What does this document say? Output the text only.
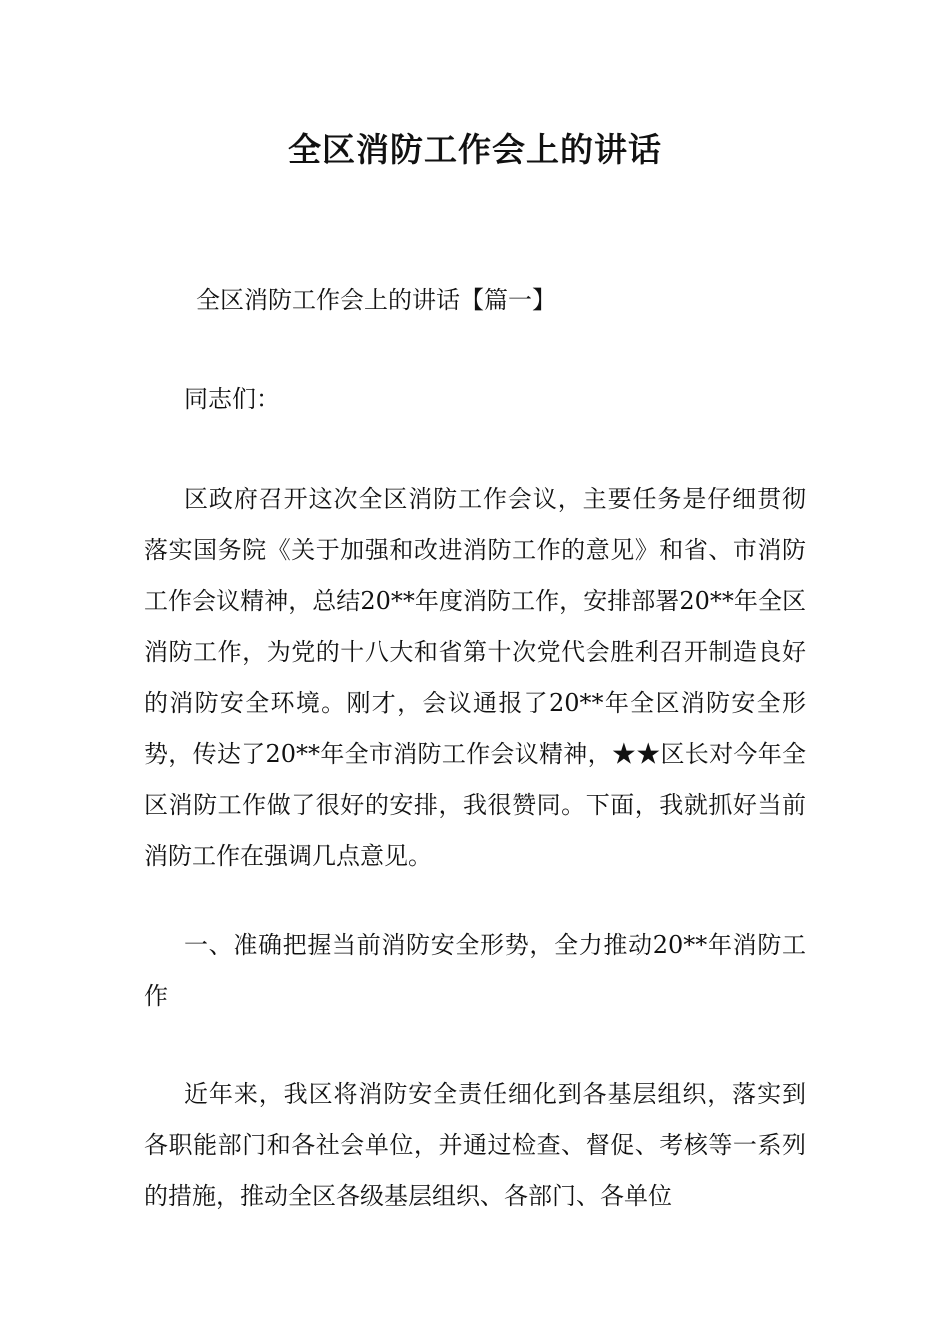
全区消防工作会上的讲话
全区消防工作会上的讲话【篇一】
同志们：

区政府召开这次全区消防工作会议，主要任务是仔细贯彻落实国务院《关于加强和改进消防工作的意见》和省、市消防工作会议精神，总结20**年度消防工作，安排部署20**年全区消防工作，为党的十八大和省第十次党代会胜利召开制造良好的消防安全环境。刚才，会议通报了20**年全区消防安全形势，传达了20**年全市消防工作会议精神，★★区长对今年全区消防工作做了很好的安排，我很赞同。下面，我就抓好当前消防工作在强调几点意见。

一、准确把握当前消防安全形势，全力推动20**年消防工作

近年来，我区将消防安全责任细化到各基层组织，落实到各职能部门和各社会单位，并通过检查、督促、考核等一系列的措施，推动全区各级基层组织、各部门、各单位
